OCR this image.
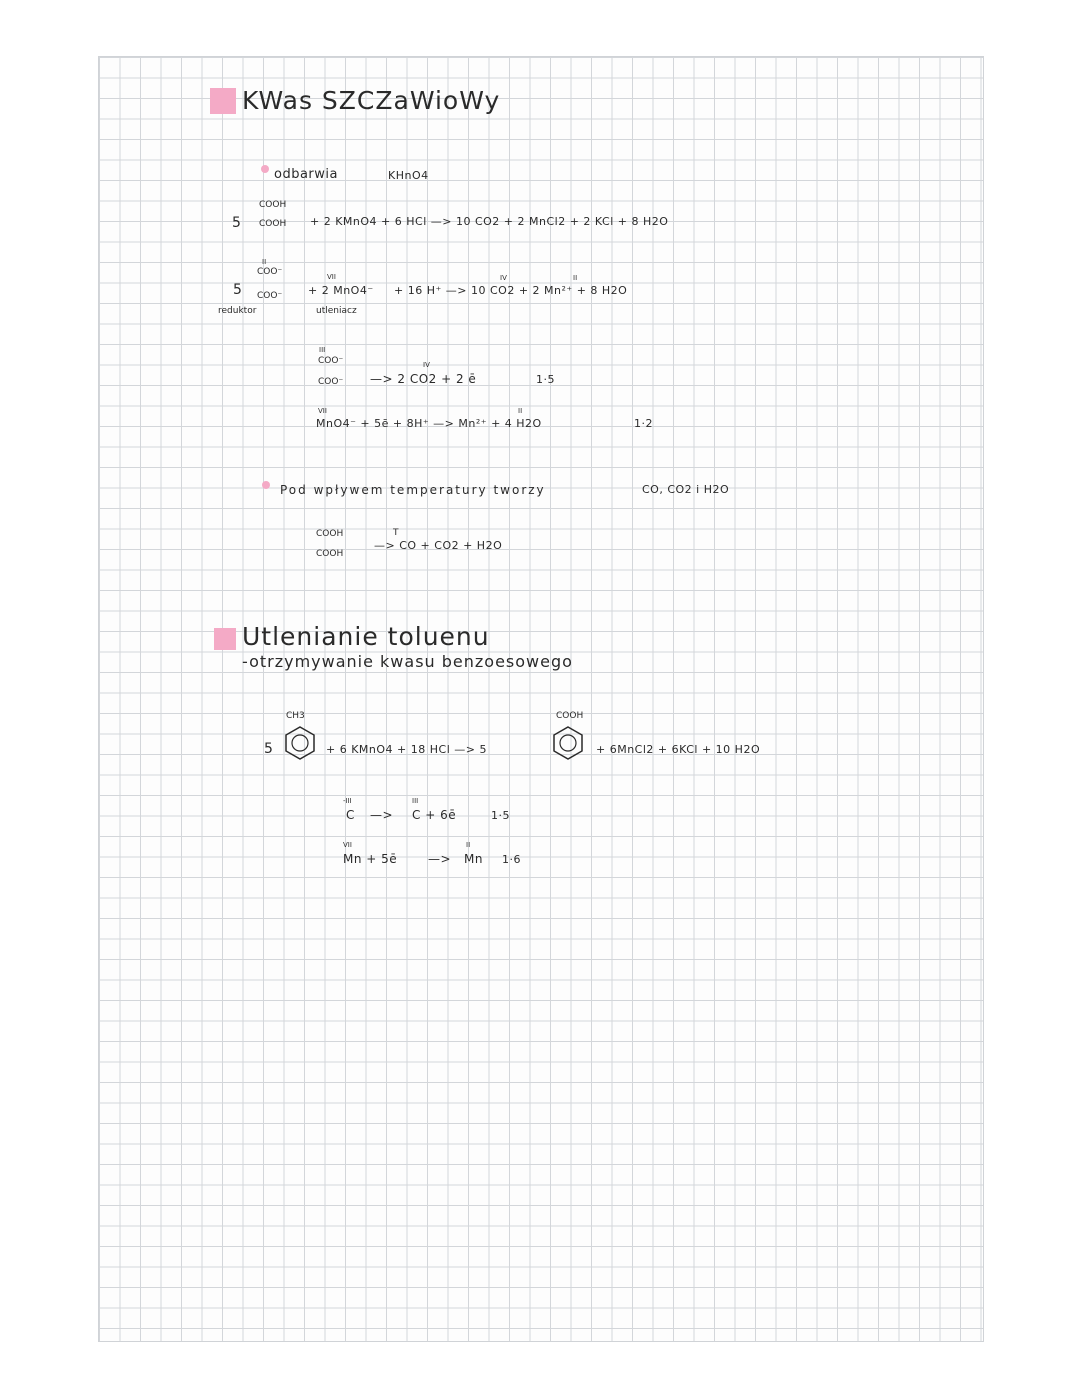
KWas SZCZaWioWy
odbarwia	KHnO4
5
COOH
COOH + 2 KMnO4 + 6 HCl —> 10 CO2 + 2 MnCl2 + 2 KCl + 8 H2O
II
COO⁻
5 COO⁻
reduktor
VII
+ 2 MnO4⁻
utleniacz
IV	II
+ 16 H⁺ —> 10 CO2 + 2 Mn²⁺ + 8 H2O
III
COO⁻
COO⁻
IV
—> 2 CO2 + 2 ē	1·5
VII
MnO4⁻ + 5ē + 8H⁺ —> Mn²⁺ + 4 H2O
II
1·2
Pod wpływem temperatury tworzy	CO, CO2 i H2O
COOH
COOH
T
—> CO + CO2 + H2O
Utlenianie toluenu
-otrzymywanie kwasu benzoesowego
5
CH3
+ 6 KMnO4 + 18 HCl —> 5
COOH
+ 6MnCl2 + 6KCl + 10 H2O
-III
C —>
III
C + 6ē	1·5
VII
Mn + 5ē	—>
II
Mn 1·6
